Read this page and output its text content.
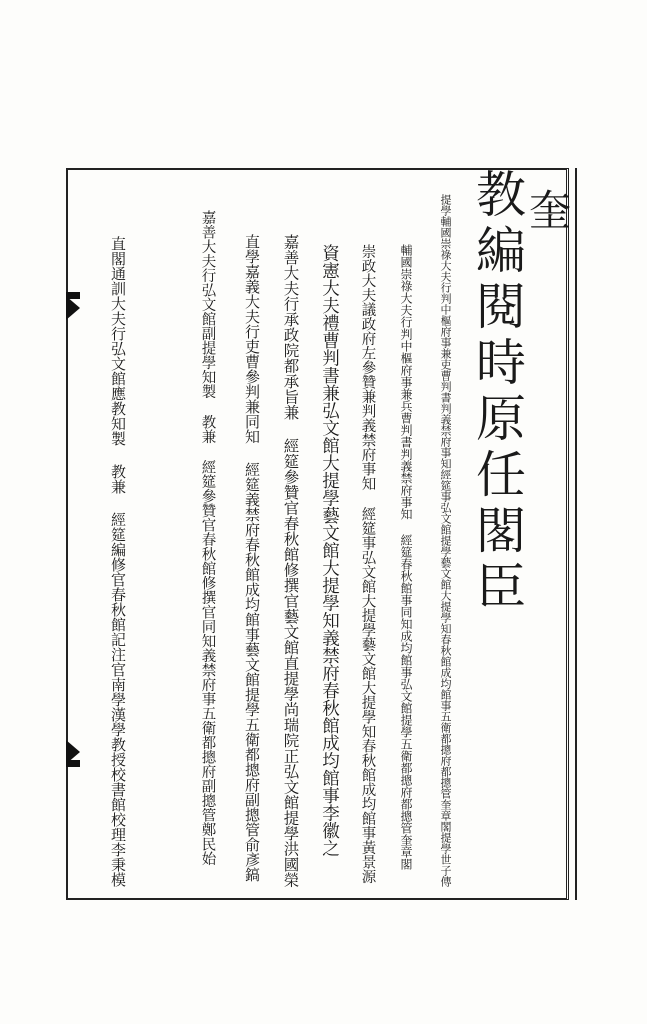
奎
教編閱時原任閣臣
提學輔國崇祿大夫行判中樞府事兼吏曹判書判義禁府事知經筵事弘文館提學藝文館大提學知春秋館成均館事五衛都摠府都摠管奎章閣提學世子傳
輔國崇祿大夫行判中樞府事兼兵曹判書判義禁府事知 經筵春秋館事同知成均館事弘文館提學五衛都摠府都摠管奎章閣
崇政大夫議政府左參贊兼判義禁府事知 經筵事弘文館大提學藝文館大提學知春秋館成均館事黃景源
資憲大夫禮曹判書兼弘文館大提學藝文館大提學知義禁府春秋館成均館事李徽之
嘉善大夫行承政院都承旨兼 經筵參贊官春秋館修撰官藝文館直提學尚瑞院正弘文館提學洪國榮
直學嘉義大夫行吏曹參判兼同知 經筵義禁府春秋館成均館事藝文館提學五衛都摠府副摠管俞彥鎬
嘉善大夫行弘文館副提學知製 教兼 經筵參贊官春秋館修撰官同知義禁府事五衛都摠府副摠管鄭民始
直閣通訓大夫行弘文館應教知製 教兼 經筵編修官春秋館記注官南學漢學教授校書館校理李秉模
